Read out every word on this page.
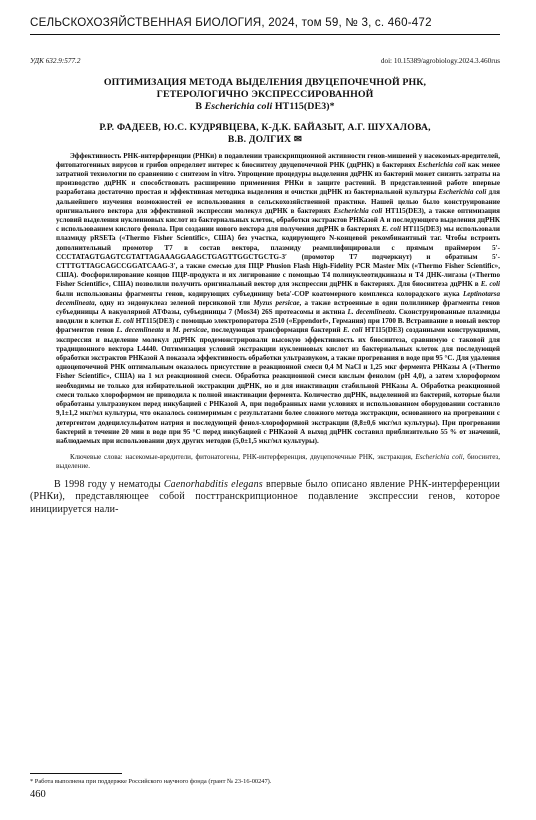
СЕЛЬСКОХОЗЯЙСТВЕННАЯ БИОЛОГИЯ, 2024, том 59, № 3, с. 460-472
УДК 632.9:577.2	doi: 10.15389/agrobiology.2024.3.460rus
ОПТИМИЗАЦИЯ МЕТОДА ВЫДЕЛЕНИЯ ДВУЦЕПОЧЕЧНОЙ РНК,
ГЕТЕРОЛОГИЧНО ЭКСПРЕССИРОВАННОЙ
В Escherichia coli HT115(DE3)*
Р.Р. ФАДЕЕВ, Ю.С. КУДРЯВЦЕВА, К-Д.К. БАЙАЗЫТ, А.Г. ШУХАЛОВА,
В.В. ДОЛГИХ ✉
Эффективность РНК-интерференции (РНКи) в подавлении транскрипционной активности генов-мишеней у насекомых-вредителей, фитопатогенных вирусов и грибов определяет интерес к биосинтезу двуцепочечной РНК (дцРНК) в бактериях Escherichia coli как менее затратной технологии по сравнению с синтезом in vitro. Упрощение процедуры выделения дцРНК из бактерий может снизить затраты на производство дцРНК и способствовать расширению применения РНКи в защите растений. В представленной работе впервые разработана достаточно простая и эффективная методика выделения и очистки дцРНК из бактериальной культуры Escherichia coli для дальнейшего изучения возможностей ее использования в сельскохозяйственной практике. Нашей целью было конструирование оригинального вектора для эффективной экспрессии молекул дцРНК в бактериях Escherichia coli HT115(DE3), а также оптимизация условий выделения нуклеиновых кислот из бактериальных клеток, обработки экстрактов РНКазой А и последующего выделения дцРНК с использованием кислого фенола. При создании нового вектора для получения дцРНК в бактериях E. coli HT115(DE3) мы использовали плазмиду pRSETa («Thermo Fisher Scientific», США) без участка, кодирующего N-концевой рекомбинантный таг. Чтобы встроить дополнительный промотор Т7 в состав вектора, плазмиду реамплифицировали с прямым праймером 5′-CCCTATAGTGAGTCGTATTAGAAAGGAAGCTGAGTTGGCTGCTG-3′ (промотор T7 подчеркнут) и обратным 5′-CTTTGTTAGCAGCCGGATCAAG-3′, а также смесью для ПЦР Phusion Flash High-Fidelity PCR Master Mix («Thermo Fisher Scientific», США). Фосфорилирование концов ПЦР-продукта и их лигирование с помощью Т4 полинуклеотидкиназы и Т4 ДНК-лигазы («Thermo Fisher Scientific», США) позволили получить оригинальный вектор для экспрессии дцРНК в бактериях. Для биосинтеза дцРНК в E. coli были использованы фрагменты генов, кодирующих субъединицу beta′-COP коатомерного комплекса колорадского жука Leptinotarsa decemlineata, одну из эндонуклеаз зеленой персиковой тли Myzus persicae, а также встроенные в один полилинкер фрагменты генов субъединицы А вакуолярной АТФазы, субъединицы 7 (Mos34) 26S протеасомы и актина L. decemlineata. Сконструированные плазмиды вводили в клетки E. coli HT115(DE3) с помощью электропоратора 2510 («Eppendorf», Германия) при 1700 В. Встраивание в новый вектор фрагментов генов L. decemlineata и M. persicae, последующая трансформация бактерий E. coli HT115(DE3) созданными конструкциями, экспрессия и выделение молекул дцРНК продемонстрировали высокую эффективность их биосинтеза, сравнимую с таковой для традиционного вектора L4440. Оптимизация условий экстракции нуклеиновых кислот из бактериальных клеток для последующей обработки экстрактов РНКазой А показала эффективность обработки ультразвуком, а также прогревания в воде при 95 °С. Для удаления одноцепочечной РНК оптимальным оказалось присутствие в реакционной смеси 0,4 M NaCl и 1,25 мкг фермента РНКазы А («Thermo Fisher Scientific», США) на 1 мл реакционной смеси. Обработка реакционной смеси кислым фенолом (pH 4,0), а затем хлороформом необходимы не только для избирательной экстракции дцРНК, но и для инактивации стабильной РНКазы А. Обработка реакционной смеси только хлороформом не приводила к полной инактивации фермента. Количество дцРНК, выделенной из бактерий, которые были обработаны ультразвуком перед инкубацией с РНКазой А, при подобранных нами условиях и использованном оборудовании составило 9,1±1,2 мкг/мл культуры, что оказалось соизмеримым с результатами более сложного метода экстракции, основанного на прогревании с детергентом додецилсульфатом натрия и последующей фенол-хлороформной экстракции (8,8±0,6 мкг/мл культуры). При прогревании бактерий в течение 20 мин в воде при 95 °С перед инкубацией с РНКазой А выход дцРНК составил приблизительно 55 % от значений, наблюдаемых при использовании двух других методов (5,0±1,5 мкг/мл культуры).
Ключевые слова: насекомые-вредители, фитонатогены, РНК-интерференция, двуцепочечные РНК, экстракция, Escherichia coli, биосинтез, выделение.
В 1998 году у нематоды Caenorhabditis elegans впервые было описано явление РНК-интерференции (РНКи), представляющее собой посттранскрипционное подавление экспрессии генов, которое инициируется нали-
* Работа выполнена при поддержке Российского научного фонда (грант № 23-16-00247).
460
